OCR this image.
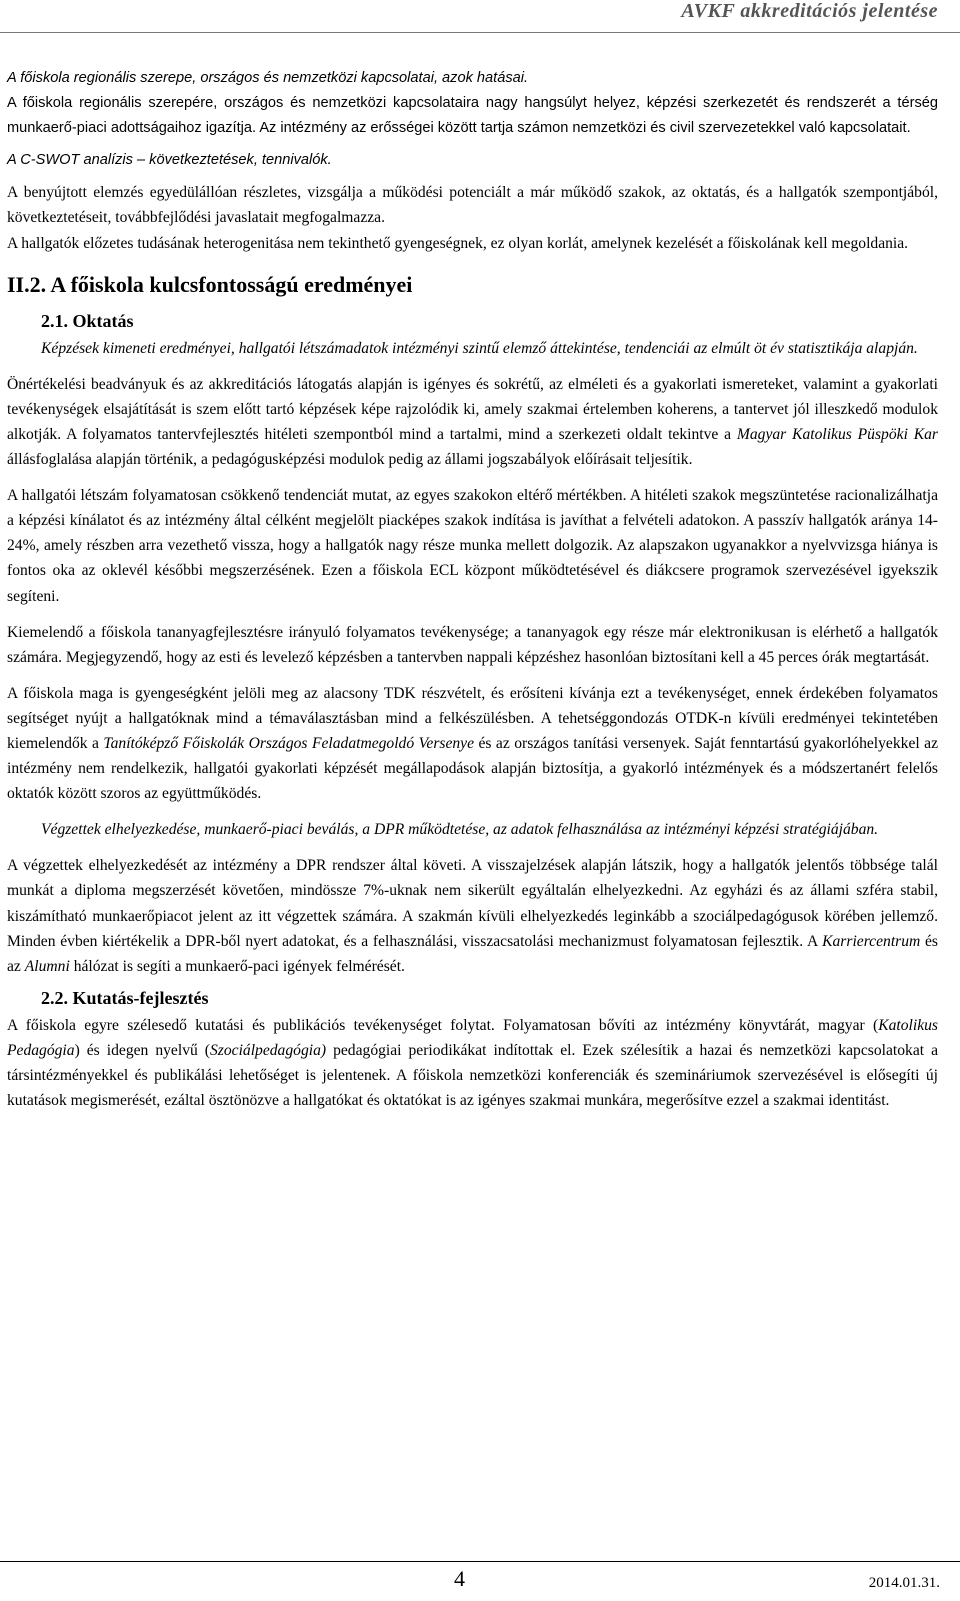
AVKF akkreditációs jelentése

A főiskola regionális szerepe, országos és nemzetközi kapcsolatai, azok hatásai.

A főiskola regionális szerepére, országos és nemzetközi kapcsolataira nagy hangsúlyt helyez, képzési szerkezetét és rendszerét a térség munkaerő-piaci adottságaihoz igazítja. Az intézmény az erősségei között tartja számon nemzetközi és civil szervezetekkel való kapcsolatait.

A C-SWOT analízis – következtetések, tennivalók.

A benyújtott elemzés egyedülállóan részletes, vizsgálja a működési potenciált a már működő szakok, az oktatás, és a hallgatók szempontjából, következtetéseit, továbbfejlődési javaslatait megfogalmazza.

A hallgatók előzetes tudásának heterogenitása nem tekinthető gyengeségnek, ez olyan korlát, amelynek kezelését a főiskolának kell megoldania.

II.2. A főiskola kulcsfontosságú eredményei
2.1. Oktatás

Képzések kimeneti eredményei, hallgatói létszámadatok intézményi szintű elemző áttekintése, tendenciái az elmúlt öt év statisztikája alapján.

Önértékelési beadványuk és az akkreditációs látogatás alapján is igényes és sokrétű, az elméleti és a gyakorlati ismereteket, valamint a gyakorlati tevékenységek elsajátítását is szem előtt tartó képzések képe rajzolódik ki, amely szakmai értelemben koherens, a tantervet jól illeszkedő modulok alkotják. A folyamatos tantervfejlesztés hitéleti szempontból mind a tartalmi, mind a szerkezeti oldalt tekintve a Magyar Katolikus Püspöki Kar állásfoglalása alapján történik, a pedagógusképzési modulok pedig az állami jogszabályok előírásait teljesítik.

A hallgatói létszám folyamatosan csökkenő tendenciát mutat, az egyes szakokon eltérő mértékben. A hitéleti szakok megszüntetése racionalizálhatja a képzési kínálatot és az intézmény által célként megjelölt piacképes szakok indítása is javíthat a felvételi adatokon. A passzív hallgatók aránya 14-24%, amely részben arra vezethető vissza, hogy a hallgatók nagy része munka mellett dolgozik. Az alapszakon ugyanakkor a nyelvvizsga hiánya is fontos oka az oklevél későbbi megszerzésének. Ezen a főiskola ECL központ működtetésével és diákcsere programok szervezésével igyekszik segíteni.

Kiemelendő a főiskola tananyagfejlesztésre irányuló folyamatos tevékenysége; a tananyagok egy része már elektronikusan is elérhető a hallgatók számára. Megjegyzendő, hogy az esti és levelező képzésben a tantervben nappali képzéshez hasonlóan biztosítani kell a 45 perces órák megtartását.

A főiskola maga is gyengeségként jelöli meg az alacsony TDK részvételt, és erősíteni kívánja ezt a tevékenységet, ennek érdekében folyamatos segítséget nyújt a hallgatóknak mind a témaválasztásban mind a felkészülésben. A tehetséggondozás OTDK-n kívüli eredményei tekintetében kiemelendők a Tanítóképző Főiskolák Országos Feladatmegoldó Versenye és az országos tanítási versenyek. Saját fenntartású gyakorlóhelyekkel az intézmény nem rendelkezik, hallgatói gyakorlati képzését megállapodások alapján biztosítja, a gyakorló intézmények és a módszertanért felelős oktatók között szoros az együttműködés.

Végzettek elhelyezkedése, munkaerő-piaci beválás, a DPR működtetése, az adatok felhasználása az intézményi képzési stratégiájában.

A végzettek elhelyezkedését az intézmény a DPR rendszer által követi. A visszajelzések alapján látszik, hogy a hallgatók jelentős többsége talál munkát a diploma megszerzését követően, mindössze 7%-uknak nem sikerült egyáltalán elhelyezkedni. Az egyházi és az állami szféra stabil, kiszámítható munkaerőpiacot jelent az itt végzettek számára. A szakmán kívüli elhelyezkedés leginkább a szociálpedagógusok körében jellemző. Minden évben kiértékelik a DPR-ből nyert adatokat, és a felhasználási, visszacsatolási mechanizmust folyamatosan fejlesztik. A Karriercentrum és az Alumni hálózat is segíti a munkaerő-paci igények felmérését.

2.2. Kutatás-fejlesztés

A főiskola egyre szélesedő kutatási és publikációs tevékenységet folytat. Folyamatosan bővíti az intézmény könyvtárát, magyar (Katolikus Pedagógia) és idegen nyelvű (Szociálpedagógia) pedagógiai periodikákat indítottak el. Ezek szélesítik a hazai és nemzetközi kapcsolatokat a társintézményekkel és publikálási lehetőséget is jelentenek. A főiskola nemzetközi konferenciák és szemináriumok szervezésével is elősegíti új kutatások megismerését, ezáltal ösztönözve a hallgatókat és oktatókat is az igényes szakmai munkára, megerősítve ezzel a szakmai identitást.

4	2014.01.31.
